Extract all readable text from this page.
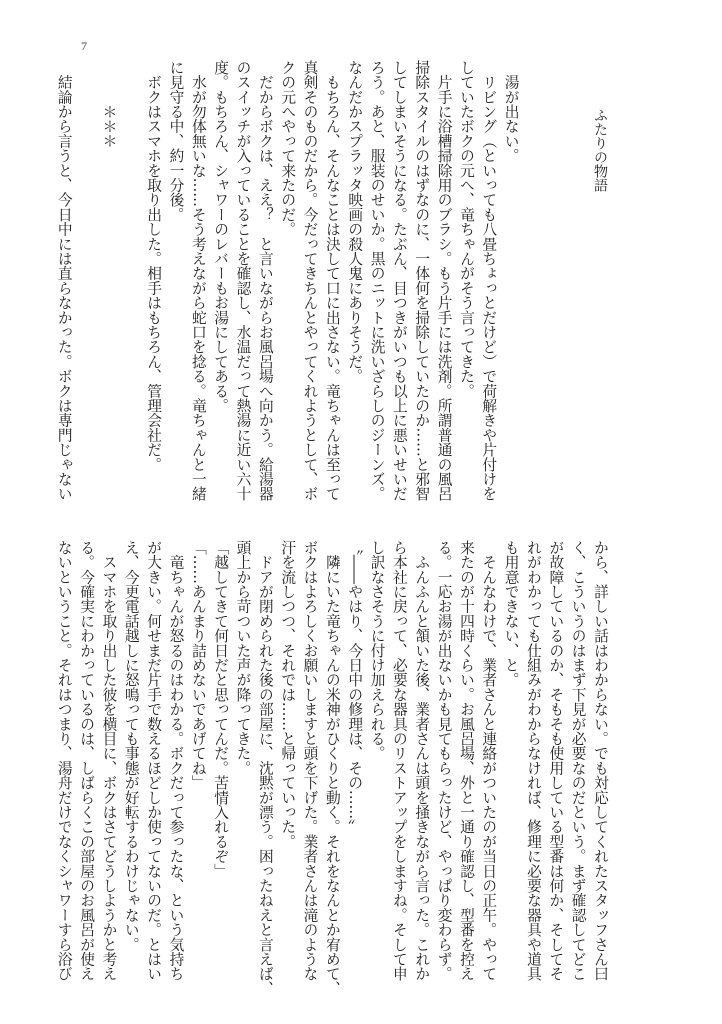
7
ふたりの物語
　湯が出ない。
　リビング（といっても八畳ちょっとだけど）で荷解きや片付けを
していたボクの元へ、竜ちゃんがそう言ってきた。
　片手に浴槽掃除用のブラシ。もう片手には洗剤。所謂普通の風呂
掃除スタイルのはずなのに、一体何を掃除していたのか……と邪智
してしまいそうになる。たぶん、目つきがいつも以上に悪いせいだ
ろう。あと、服装のせいか。黒のニットに洗いざらしのジーンズ。
なんだかスプラッタ映画の殺人鬼にありそうだ。
　もちろん、そんなことは決して口に出さない。竜ちゃんは至って
真剣そのものだから。今だってきちんとやってくれようとして、ボ
クの元へやって来たのだ。
　だからボクは、ええ？　と言いながらお風呂場へ向かう。給湯器
のスイッチが入っていることを確認し、水温だって熱湯に近い六十
度。もちろん、シャワーのレバーもお湯にしてある。
　水が勿体無いな……そう考えながら蛇口を捻る。竜ちゃんと一緒
に見守る中、約一分後。
　ボクはスマホを取り出した。相手はもちろん、管理会社だ。
＊＊＊
　結論から言うと、今日中には直らなかった。ボクは専門じゃない
から、詳しい話はわからない。でも対応してくれたスタッフさん曰
く、こういうのはまず下見が必要なのだという。まず確認してどこ
が故障しているのか、そもそも使用している型番は何か、そしてそ
れがわかっても仕組みがわからなければ、修理に必要な器具や道具
も用意できない、と。
　そんなわけで、業者さんと連絡がついたのが当日の正午。やって
来たのが十四時くらい。お風呂場、外と一通り確認し、型番を控え
る。一応お湯が出ないかも見てもらったけど、やっぱり変わらず。
　ふんふんと頷いた後、業者さんは頭を掻きながら言った。これか
ら本社に戻って、必要な器具のリストアップをしますね。そして申
し訳なさそうに付け加えられる。
〝――やはり、今日中の修理は、その……〟
　隣にいた竜ちゃんの米神がひくりと動く。それをなんとか宥めて、
ボクはよろしくお願いしますと頭を下げた。業者さんは滝のような
汗を流しつつ、それでは……と帰っていった。
　ドアが閉められた後の部屋に、沈黙が漂う。困ったねえと言えば、
頭上から苛ついた声が降ってきた。
「越してきて何日だと思ってんだ。苦情入れるぞ」
「……あんまり詰めないであげてね」
　竜ちゃんが怒るのはわかる。ボクだって参ったな、という気持ち
が大きい。何せまだ片手で数えるほどしか使ってないのだ。とはい
え、今更電話越しに怒鳴っても事態が好転するわけじゃない。
　スマホを取り出した彼を横目に、ボクはさてどうしようかと考え
る。今確実にわかっているのは、しばらくこの部屋のお風呂が使え
ないということ。それはつまり、湯舟だけでなくシャワーすら浴び
